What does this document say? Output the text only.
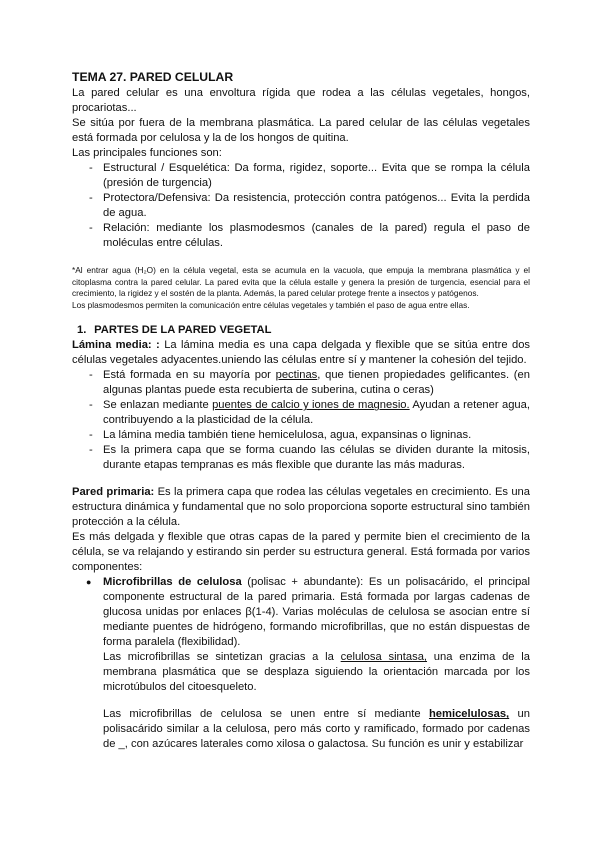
TEMA 27. PARED CELULAR

La pared celular es una envoltura rígida que rodea a las células vegetales, hongos, procariotas...

Se sitúa por fuera de la membrana plasmática. La pared celular de las células vegetales está formada por celulosa y la de los hongos de quitina.

Las principales funciones son:

- Estructural / Esquelética: Da forma, rigidez, soporte... Evita que se rompa la célula (presión de turgencia)
- Protectora/Defensiva: Da resistencia, protección contra patógenos... Evita la perdida de agua.
- Relación: mediante los plasmodesmos (canales de la pared) regula el paso de moléculas entre células.
*Al entrar agua (H₂O) en la célula vegetal, esta se acumula en la vacuola, que empuja la membrana plasmática y el citoplasma contra la pared celular. La pared evita que la célula estalle y genera la presión de turgencia, esencial para el crecimiento, la rigidez y el sostén de la planta. Además, la pared celular protege frente a insectos y patógenos.
Los plasmodesmos permiten la comunicación entre células vegetales y también el paso de agua entre ellas.
1. PARTES DE LA PARED VEGETAL

Lámina media: : La lámina media es una capa delgada y flexible que se sitúa entre dos células vegetales adyacentes.uniendo las células entre sí y mantener la cohesión del tejido.

- Está formada en su mayoría por pectinas, que tienen propiedades gelificantes. (en algunas plantas puede esta recubierta de suberina, cutina o ceras)
- Se enlazan mediante puentes de calcio y iones de magnesio. Ayudan a retener agua, contribuyendo a la plasticidad de la célula.
- La lámina media también tiene hemicelulosa, agua, expansinas o ligninas.
- Es la primera capa que se forma cuando las células se dividen durante la mitosis, durante etapas tempranas es más flexible que durante las más maduras.

Pared primaria: Es la primera capa que rodea las células vegetales en crecimiento. Es una estructura dinámica y fundamental que no solo proporciona soporte estructural sino también protección a la célula.

Es más delgada y flexible que otras capas de la pared y permite bien el crecimiento de la célula, se va relajando y estirando sin perder su estructura general. Está formada por varios componentes:

● Microfibrillas de celulosa (polisac + abundante): Es un polisacárido, el principal componente estructural de la pared primaria. Está formada por largas cadenas de glucosa unidas por enlaces β(1-4). Varias moléculas de celulosa se asocian entre sí mediante puentes de hidrógeno, formando microfibrillas, que no están dispuestas de forma paralela (flexibilidad).

Las microfibrillas se sintetizan gracias a la celulosa sintasa, una enzima de la membrana plasmática que se desplaza siguiendo la orientación marcada por los microtúbulos del citoesqueleto.

Las microfibrillas de celulosa se unen entre sí mediante hemicelulosas, un polisacárido similar a la celulosa, pero más corto y ramificado, formado por cadenas de _, con azúcares laterales como xilosa o galactosa. Su función es unir y estabilizar
